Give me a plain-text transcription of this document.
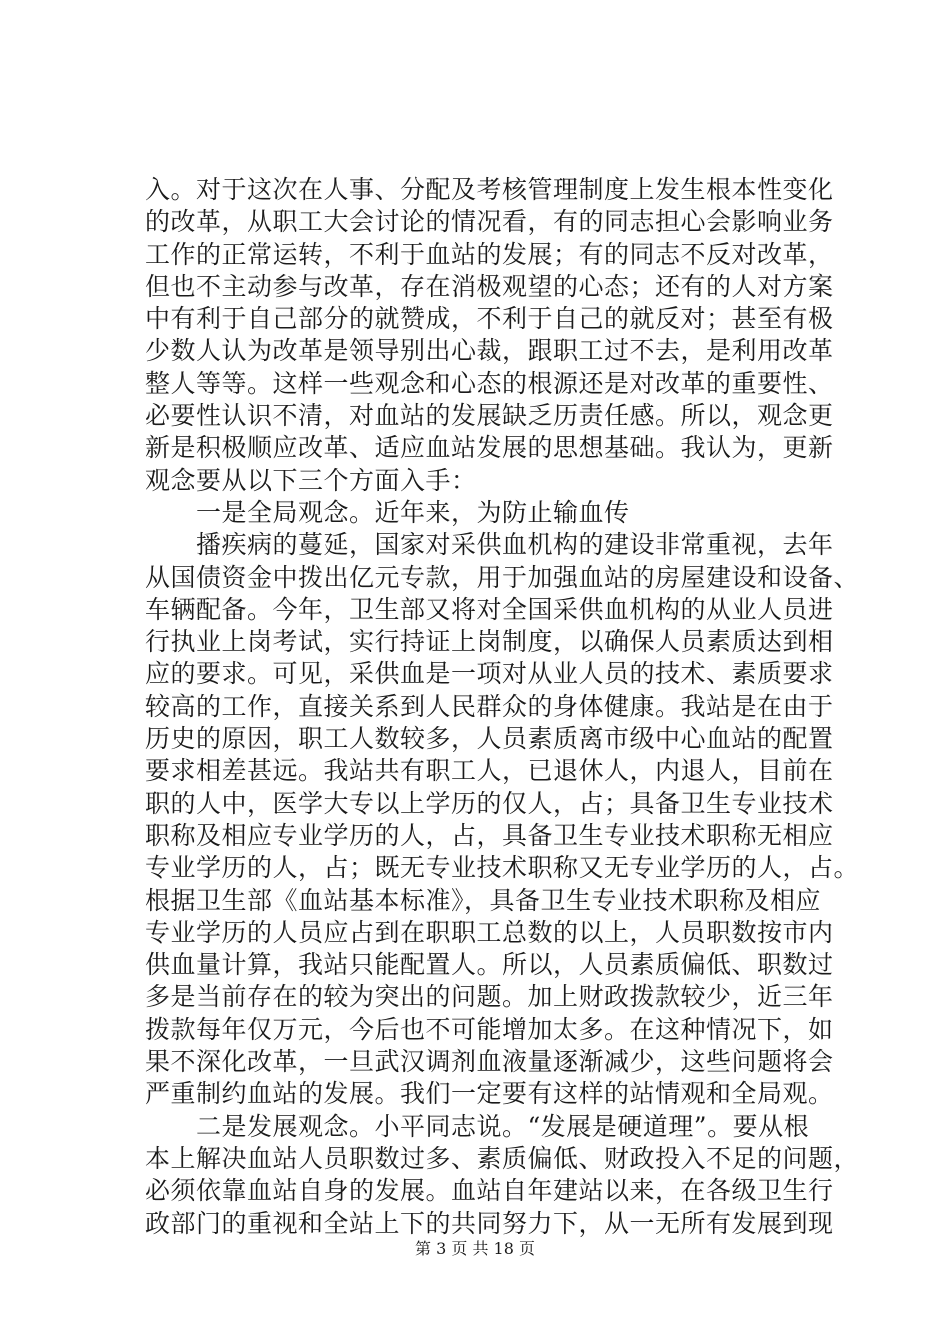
入。对于这次在人事、分配及考核管理制度上发生根本性变化

的改革，从职工大会讨论的情况看，有的同志担心会影响业务

工作的正常运转，不利于血站的发展；有的同志不反对改革，

但也不主动参与改革，存在消极观望的心态；还有的人对方案

中有利于自己部分的就赞成，不利于自己的就反对；甚至有极

少数人认为改革是领导别出心裁，跟职工过不去，是利用改革

整人等等。这样一些观念和心态的根源还是对改革的重要性、

必要性认识不清，对血站的发展缺乏历责任感。所以，观念更

新是积极顺应改革、适应血站发展的思想基础。我认为，更新

观念要从以下三个方面入手：

　　一是全局观念。近年来，为防止输血传

　　播疾病的蔓延，国家对采供血机构的建设非常重视，去年

从国债资金中拨出亿元专款，用于加强血站的房屋建设和设备、

车辆配备。今年，卫生部又将对全国采供血机构的从业人员进

行执业上岗考试，实行持证上岗制度，以确保人员素质达到相

应的要求。可见，采供血是一项对从业人员的技术、素质要求

较高的工作，直接关系到人民群众的身体健康。我站是在由于

历史的原因，职工人数较多，人员素质离市级中心血站的配置

要求相差甚远。我站共有职工人，已退休人，内退人，目前在

职的人中，医学大专以上学历的仅人，占；具备卫生专业技术

职称及相应专业学历的人，占，具备卫生专业技术职称无相应

专业学历的人，占；既无专业技术职称又无专业学历的人，占。

根据卫生部《血站基本标准》，具备卫生专业技术职称及相应

专业学历的人员应占到在职职工总数的以上，人员职数按市内

供血量计算，我站只能配置人。所以，人员素质偏低、职数过

多是当前存在的较为突出的问题。加上财政拨款较少，近三年

拨款每年仅万元，今后也不可能增加太多。在这种情况下，如

果不深化改革，一旦武汉调剂血液量逐渐减少，这些问题将会

严重制约血站的发展。我们一定要有这样的站情观和全局观。

　　二是发展观念。小平同志说。“发展是硬道理”。要从根

本上解决血站人员职数过多、素质偏低、财政投入不足的问题，

必须依靠血站自身的发展。血站自年建站以来，在各级卫生行

政部门的重视和全站上下的共同努力下，从一无所有发展到现

第 3 页 共 18 页
